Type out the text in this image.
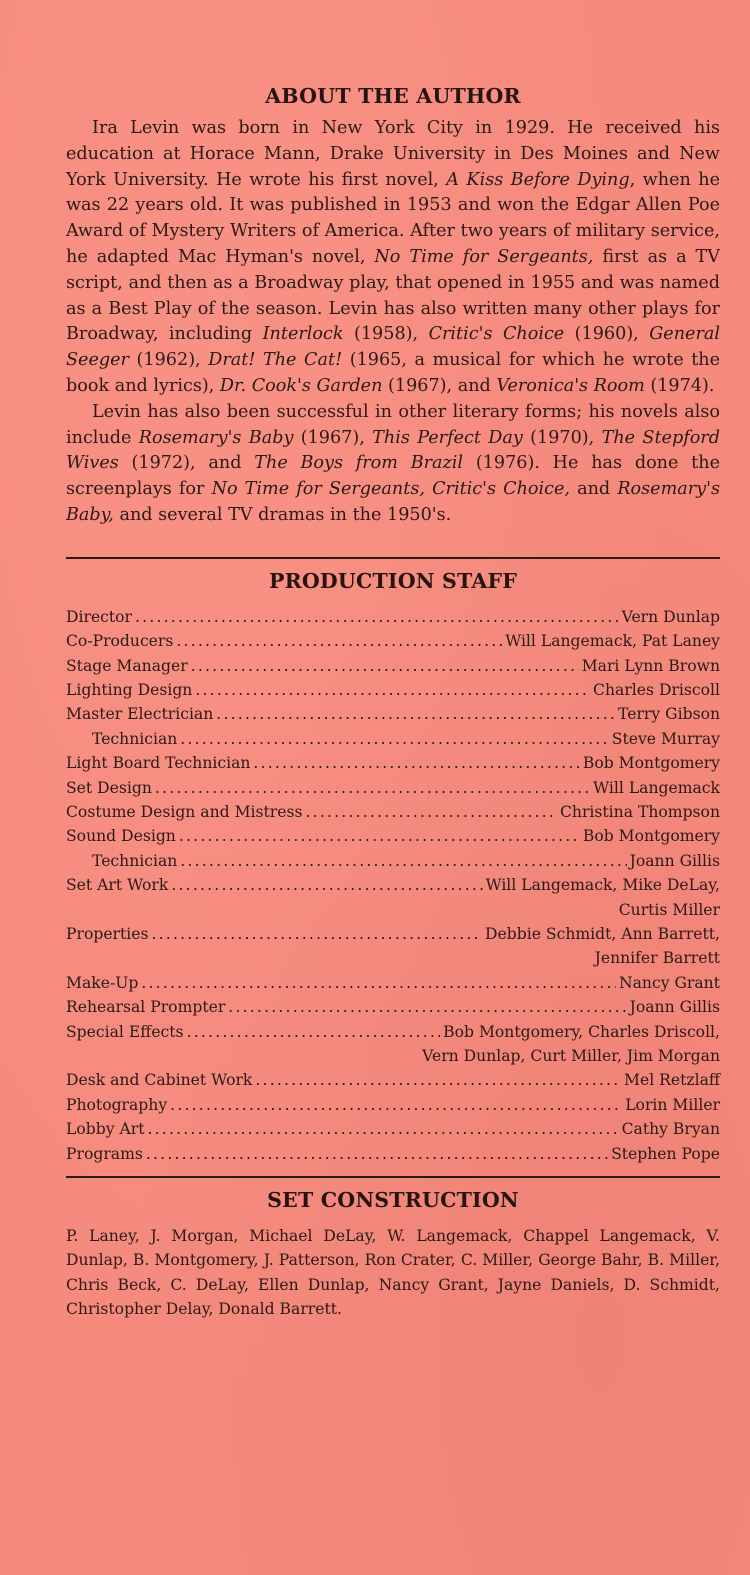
ABOUT THE AUTHOR

Ira Levin was born in New York City in 1929. He received his education at Horace Mann, Drake University in Des Moines and New York University. He wrote his first novel, A Kiss Before Dying, when he was 22 years old. It was published in 1953 and won the Edgar Allen Poe Award of Mystery Writers of America. After two years of military service, he adapted Mac Hyman's novel, No Time for Sergeants, first as a TV script, and then as a Broadway play, that opened in 1955 and was named as a Best Play of the season. Levin has also written many other plays for Broadway, including Interlock (1958), Critic's Choice (1960), General Seeger (1962), Drat! The Cat! (1965, a musical for which he wrote the book and lyrics), Dr. Cook's Garden (1967), and Veronica's Room (1974).

Levin has also been successful in other literary forms; his novels also include Rosemary's Baby (1967), This Perfect Day (1970), The Stepford Wives (1972), and The Boys from Brazil (1976). He has done the screenplays for No Time for Sergeants, Critic's Choice, and Rosemary's Baby, and several TV dramas in the 1950's.

PRODUCTION STAFF
Director .....	Vern Dunlap
Co-Producers .....	Will Langemack, Pat Laney
Stage Manager .....	Mari Lynn Brown
Lighting Design .....	Charles Driscoll
Master Electrician .....	Terry Gibson
Technician .....	Steve Murray
Light Board Technician .....	Bob Montgomery
Set Design .....	Will Langemack
Costume Design and Mistress .....	Christina Thompson
Sound Design .....	Bob Montgomery
Technician .....	Joann Gillis
Set Art Work .....	Will Langemack, Mike DeLay,
Curtis Miller
Properties .....	Debbie Schmidt, Ann Barrett,
Jennifer Barrett
Make-Up .....	Nancy Grant
Rehearsal Prompter .....	Joann Gillis
Special Effects .....	Bob Montgomery, Charles Driscoll,
Vern Dunlap, Curt Miller, Jim Morgan
Desk and Cabinet Work .....	Mel Retzlaff
Photography .....	Lorin Miller
Lobby Art .....	Cathy Bryan
Programs .....	Stephen Pope
SET CONSTRUCTION

P. Laney, J. Morgan, Michael DeLay, W. Langemack, Chappel Langemack, V. Dunlap, B. Montgomery, J. Patterson, Ron Crater, C. Miller, George Bahr, B. Miller, Chris Beck, C. DeLay, Ellen Dunlap, Nancy Grant, Jayne Daniels, D. Schmidt, Christopher Delay, Donald Barrett.
